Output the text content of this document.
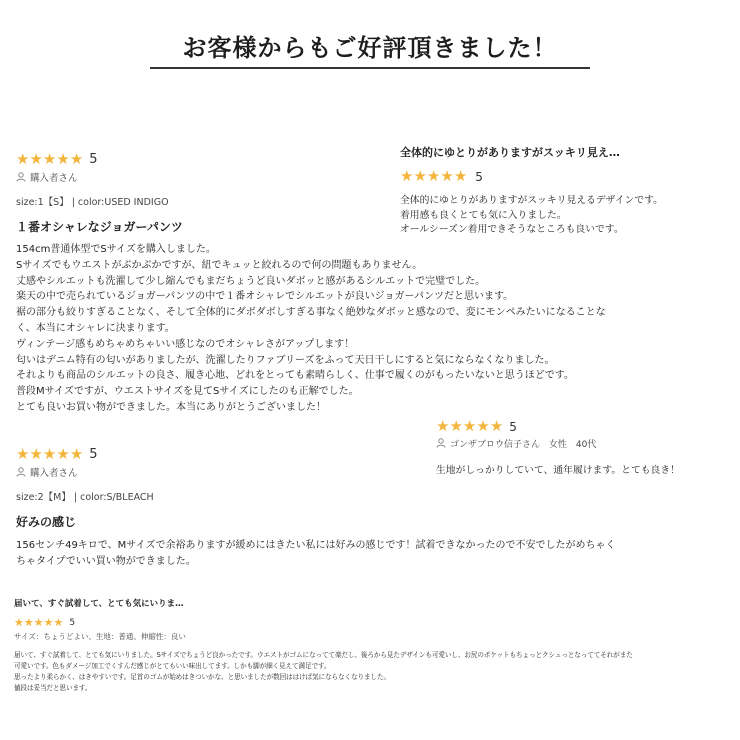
お客様からもご好評頂きました！
★ ★ ★ ★ ★ 5
購入者さん
size:1【S】 | color:USED INDIGO
１番オシャレなジョガーパンツ
154cm普通体型でSサイズを購入しました。
Sサイズでもウエストがぶかぶかですが、紐でキュッと絞れるので何の問題もありません。
丈感やシルエットも洗濯して少し縮んでもまだちょうど良いダボッと感があるシルエットで完璧でした。
楽天の中で売られているジョガーパンツの中で１番オシャレでシルエットが良いジョガーパンツだと思います。
裾の部分も絞りすぎることなく、そして全体的にダボダボしすぎる事なく絶妙なダボッと感なので、変にモンペみたいになることな
く、本当にオシャレに決まります。
ヴィンテージ感もめちゃめちゃいい感じなのでオシャレさがアップします！
匂いはデニム特有の匂いがありましたが、洗濯したりファブリーズをふって天日干しにすると気にならなくなりました。
それよりも商品のシルエットの良さ、履き心地、どれをとっても素晴らしく、仕事で履くのがもったいないと思うほどです。
普段Mサイズですが、ウエストサイズを見てSサイズにしたのも正解でした。
とても良いお買い物ができました。本当にありがとうございました！
全体的にゆとりがありますがスッキリ見え…
★ ★ ★ ★ ★ 5
全体的にゆとりがありますがスッキリ見えるデザインです。
着用感も良くとても気に入りました。
オールシーズン着用できそうなところも良いです。
★ ★ ★ ★ ★ 5
ゴンザブロウ信子さん 女性　40代
生地がしっかりしていて、通年履けます。とても良き！
★ ★ ★ ★ ★ 5
購入者さん
size:2【M】 | color:S/BLEACH
好みの感じ
156センチ49キロで、Mサイズで余裕ありますが緩めにはきたい私には好みの感じです！試着できなかったので不安でしたがめちゃく
ちゃタイプでいい買い物ができました。
届いて、すぐ試着して、とても気にいりま…
★ ★ ★ ★ ★ 5
サイズ：ちょうどよい、生地：普通、伸縮性：良い
届いて、すぐ試着して、とても気にいりました。Sサイズでちょうど良かったです。ウエストがゴムになってて楽だし、後ろから見たデザインも可愛いし、お尻のポケットもちょっとクシュっとなっててそれがまた
可愛いです。色もダメージ加工でくすんだ感じがとてもいい味出してます。しかも脚が細く見えて満足です。
思ったより柔らかく、はきやすいです。足首のゴムが始めはきついかな、と思いましたが数回ははけば気にならなくなりました。
値段は妥当だと思います。
